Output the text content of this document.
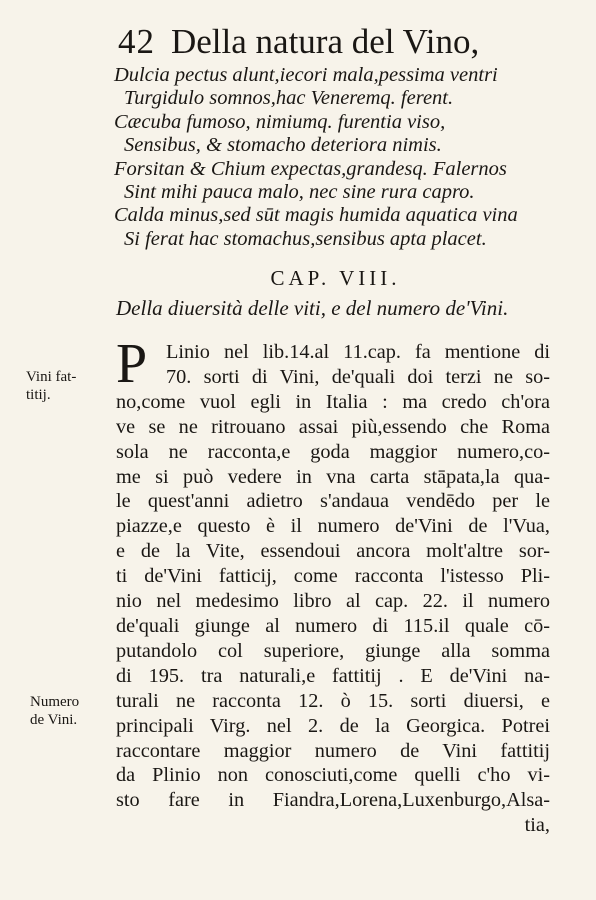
42 Della natura del Vino,
Dulcia pectus alunt,iecori mala,pessima ventri
Turgidulo somnos,hac Veneremq. ferent.
Cæcuba fumoso, nimiumq. furentia viso,
Sensibus, & stomacho deteriora nimis.
Forsitan & Chium expectas,grandesq. Falernos
Sint mihi pauca malo, nec sine rura capro.
Calda minus,sed sūt magis humida aquatica vina
Si ferat hac stomachus,sensibus apta placet.
CAP. VIII.
Della diuersità delle viti, e del numero de'Vini.
Vini fat-
titij.
Numero
de Vini.
P Linio nel lib.14.al 11.cap. fa mentione di
70. sorti di Vini, de'quali doi terzi ne so-
no,come vuol egli in Italia : ma credo ch'ora
ve se ne ritrouano assai più,essendo che Roma
sola ne racconta,e goda maggior numero,co-
me si può vedere in vna carta stāpata,la qua-
le quest'anni adietro s'andaua vendēdo per le
piazze,e questo è il numero de'Vini de l'Vua,
e de la Vite, essendoui ancora molt'altre sor-
ti de'Vini fatticij, come racconta l'istesso Pli-
nio nel medesimo libro al cap. 22. il numero
de'quali giunge al numero di 115.il quale cō-
putandolo col superiore, giunge alla somma
di 195. tra naturali,e fattitij . E de'Vini na-
turali ne racconta 12. ò 15. sorti diuersi, e
principali Virg. nel 2. de la Georgica. Potrei
raccontare maggior numero de Vini fattitij
da Plinio non conosciuti,come quelli c'ho vi-
sto fare in Fiandra,Lorena,Luxenburgo,Alsa-
tia,
